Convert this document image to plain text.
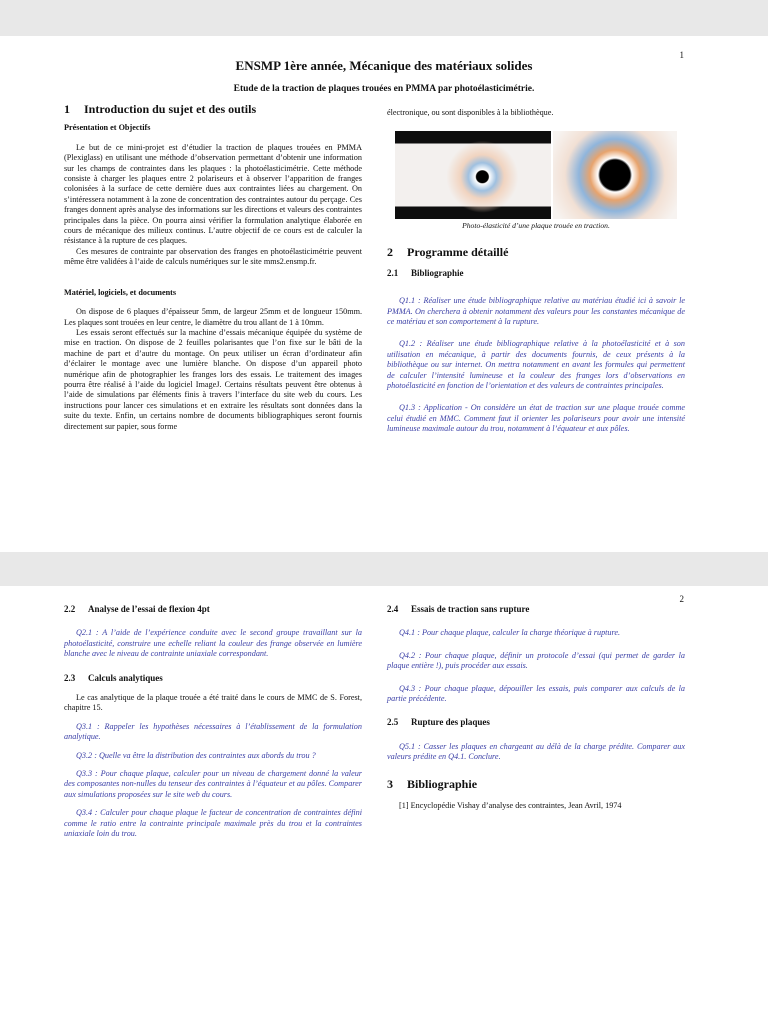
1
ENSMP 1ère année, Mécanique des matériaux solides
Etude de la traction de plaques trouées en PMMA par photoélasticimétrie.
1 Introduction du sujet et des outils
Présentation et Objectifs

Le but de ce mini-projet est d’étudier la traction de plaques trouées en PMMA (Plexiglass) en utilisant une méthode d’observation permettant d’obtenir une information sur les champs de contraintes dans les plaques : la photoélasticimétrie. Cette méthode consiste à charger les plaques entre 2 polariseurs et à observer l’apparition de franges colonisées à la surface de cette dernière dues aux contraintes liées au chargement. On s’intéressera notamment à la zone de concentration des contraintes autour du perçage. Ces franges donnent après analyse des informations sur les directions et valeurs des contraintes principales dans la pièce. On pourra ainsi vérifier la formulation analytique élaborée en cours de mécanique des milieux continus. L’autre objectif de ce cours est de calculer la résistance à la rupture de ces plaques.

Ces mesures de contrainte par observation des franges en photoélasticimétrie peuvent même être validées à l’aide de calculs numériques sur le site mms2.ensmp.fr.

Matériel, logiciels, et documents

On dispose de 6 plaques d’épaisseur 5mm, de largeur 25mm et de longueur 150mm. Les plaques sont trouées en leur centre, le diamètre du trou allant de 1 à 10mm.

Les essais seront effectués sur la machine d’essais mécanique équipée du système de mise en traction. On dispose de 2 feuilles polarisantes que l’on fixe sur le bâti de la machine de part et d’autre du montage. On peux utiliser un écran d’ordinateur afin d’éclairer le montage avec une lumière blanche. On dispose d’un appareil photo numérique afin de photographier les franges lors des essais. Le traitement des images pourra être réalisé à l’aide du logiciel ImageJ. Certains résultats peuvent être obtenus à l’aide de simulations par éléments finis à travers l’interface du site web du cours. Les instructions pour lancer ces simulations et en extraire les résultats sont données dans la suite du texte. Enfin, un certains nombre de documents bibliographiques seront fournis directement sur papier, sous forme

électronique, ou sont disponibles à la bibliothèque.

Photo-élasticité d’une plaque trouée en traction.

2 Programme détaillé
2.1 Bibliographie

Q1.1 : Réaliser une étude bibliographique relative au matériau étudié ici à savoir le PMMA. On cherchera à obtenir notamment des valeurs pour les constantes mécanique de ce matériau et son comportement à la rupture.

Q1.2 : Réaliser une étude bibliographique relative à la photoélasticité et à son utilisation en mécanique, à partir des documents fournis, de ceux présents à la bibliothèque ou sur internet. On mettra notamment en avant les formules qui permettent de calculer l’intensité lumineuse et la couleur des franges lors d’observations en photoélasticité en fonction de l’orientation et des valeurs de contraintes principales.

Q1.3 : Application - On considère un état de traction sur une plaque trouée comme celui étudié en MMC. Comment faut il orienter les polariseurs pour avoir une intensité lumineuse maximale autour du trou, notamment à l’équateur et aux pôles.

2
2.2 Analyse de l’essai de flexion 4pt

Q2.1 : A l’aide de l’expérience conduite avec le second groupe travaillant sur la photoélasticité, construire une echelle reliant la couleur des frange observée en lumière blanche avec le niveau de contrainte uniaxiale correspondant.

2.3 Calculs analytiques

Le cas analytique de la plaque trouée a été traité dans le cours de MMC de S. Forest, chapitre 15.

Q3.1 : Rappeler les hypothèses nécessaires à l’établissement de la formulation analytique.

Q3.2 : Quelle va être la distribution des contraintes aux abords du trou ?

Q3.3 : Pour chaque plaque, calculer pour un niveau de chargement donné la valeur des composantes non-nulles du tenseur des contraintes à l’équateur et au pôles. Comparer aux simulations proposées sur le site web du cours.

Q3.4 : Calculer pour chaque plaque le facteur de concentration de contraintes défini comme le ratio entre la contrainte principale maximale près du trou et la contraintes uniaxiale loin du trou.

2.4 Essais de traction sans rupture

Q4.1 : Pour chaque plaque, calculer la charge théorique à rupture.

Q4.2 : Pour chaque plaque, définir un protocole d’essai (qui permet de garder la plaque entière !), puis procéder aux essais.

Q4.3 : Pour chaque plaque, dépouiller les essais, puis comparer aux calculs de la partie précédente.

2.5 Rupture des plaques

Q5.1 : Casser les plaques en chargeant au délà de la charge prédite. Comparer aux valeurs prédite en Q4.1. Conclure.

3 Bibliographie

[1] Encyclopédie Vishay d’analyse des contraintes, Jean Avril, 1974
